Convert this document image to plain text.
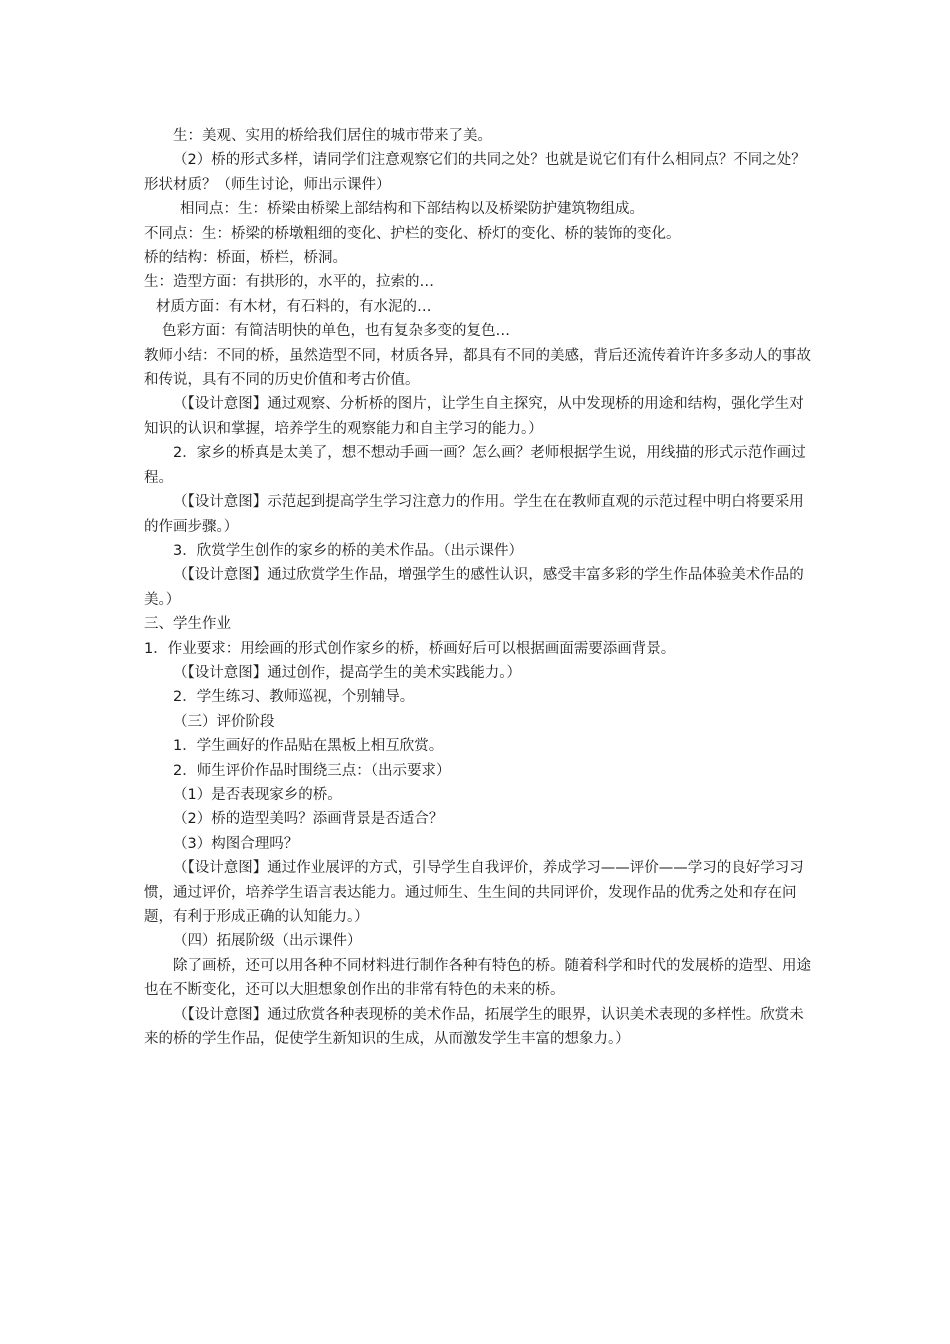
生：美观、实用的桥给我们居住的城市带来了美。

（2）桥的形式多样，请同学们注意观察它们的共同之处？也就是说它们有什么相同点？不同之处？形状材质？（师生讨论，师出示课件）

相同点：生：桥梁由桥梁上部结构和下部结构以及桥梁防护建筑物组成。

不同点：生：桥梁的桥墩粗细的变化、护栏的变化、桥灯的变化、桥的装饰的变化。

桥的结构：桥面，桥栏，桥洞。

生：造型方面：有拱形的，水平的，拉索的…

材质方面：有木材，有石料的，有水泥的…

色彩方面：有简洁明快的单色，也有复杂多变的复色…

教师小结：不同的桥，虽然造型不同，材质各异，都具有不同的美感，背后还流传着许许多多动人的事故和传说，具有不同的历史价值和考古价值。

（【设计意图】通过观察、分析桥的图片，让学生自主探究，从中发现桥的用途和结构，强化学生对知识的认识和掌握，培养学生的观察能力和自主学习的能力。）

2．家乡的桥真是太美了，想不想动手画一画？怎么画？老师根据学生说，用线描的形式示范作画过程。

（【设计意图】示范起到提高学生学习注意力的作用。学生在在教师直观的示范过程中明白将要采用的作画步骤。）

3．欣赏学生创作的家乡的桥的美术作品。（出示课件）

（【设计意图】通过欣赏学生作品，增强学生的感性认识，感受丰富多彩的学生作品体验美术作品的美。）

三、学生作业

1．作业要求：用绘画的形式创作家乡的桥，桥画好后可以根据画面需要添画背景。

（【设计意图】通过创作，提高学生的美术实践能力。）

2．学生练习、教师巡视，个别辅导。

（三）评价阶段

1．学生画好的作品贴在黑板上相互欣赏。

2．师生评价作品时围绕三点：（出示要求）

（1）是否表现家乡的桥。

（2）桥的造型美吗？添画背景是否适合？

（3）构图合理吗？

（【设计意图】通过作业展评的方式，引导学生自我评价，养成学习——评价——学习的良好学习习惯，通过评价，培养学生语言表达能力。通过师生、生生间的共同评价，发现作品的优秀之处和存在问题，有利于形成正确的认知能力。）

（四）拓展阶级（出示课件）

除了画桥，还可以用各种不同材料进行制作各种有特色的桥。随着科学和时代的发展桥的造型、用途也在不断变化，还可以大胆想象创作出的非常有特色的未来的桥。

（【设计意图】通过欣赏各种表现桥的美术作品，拓展学生的眼界，认识美术表现的多样性。欣赏未来的桥的学生作品，促使学生新知识的生成，从而激发学生丰富的想象力。）
